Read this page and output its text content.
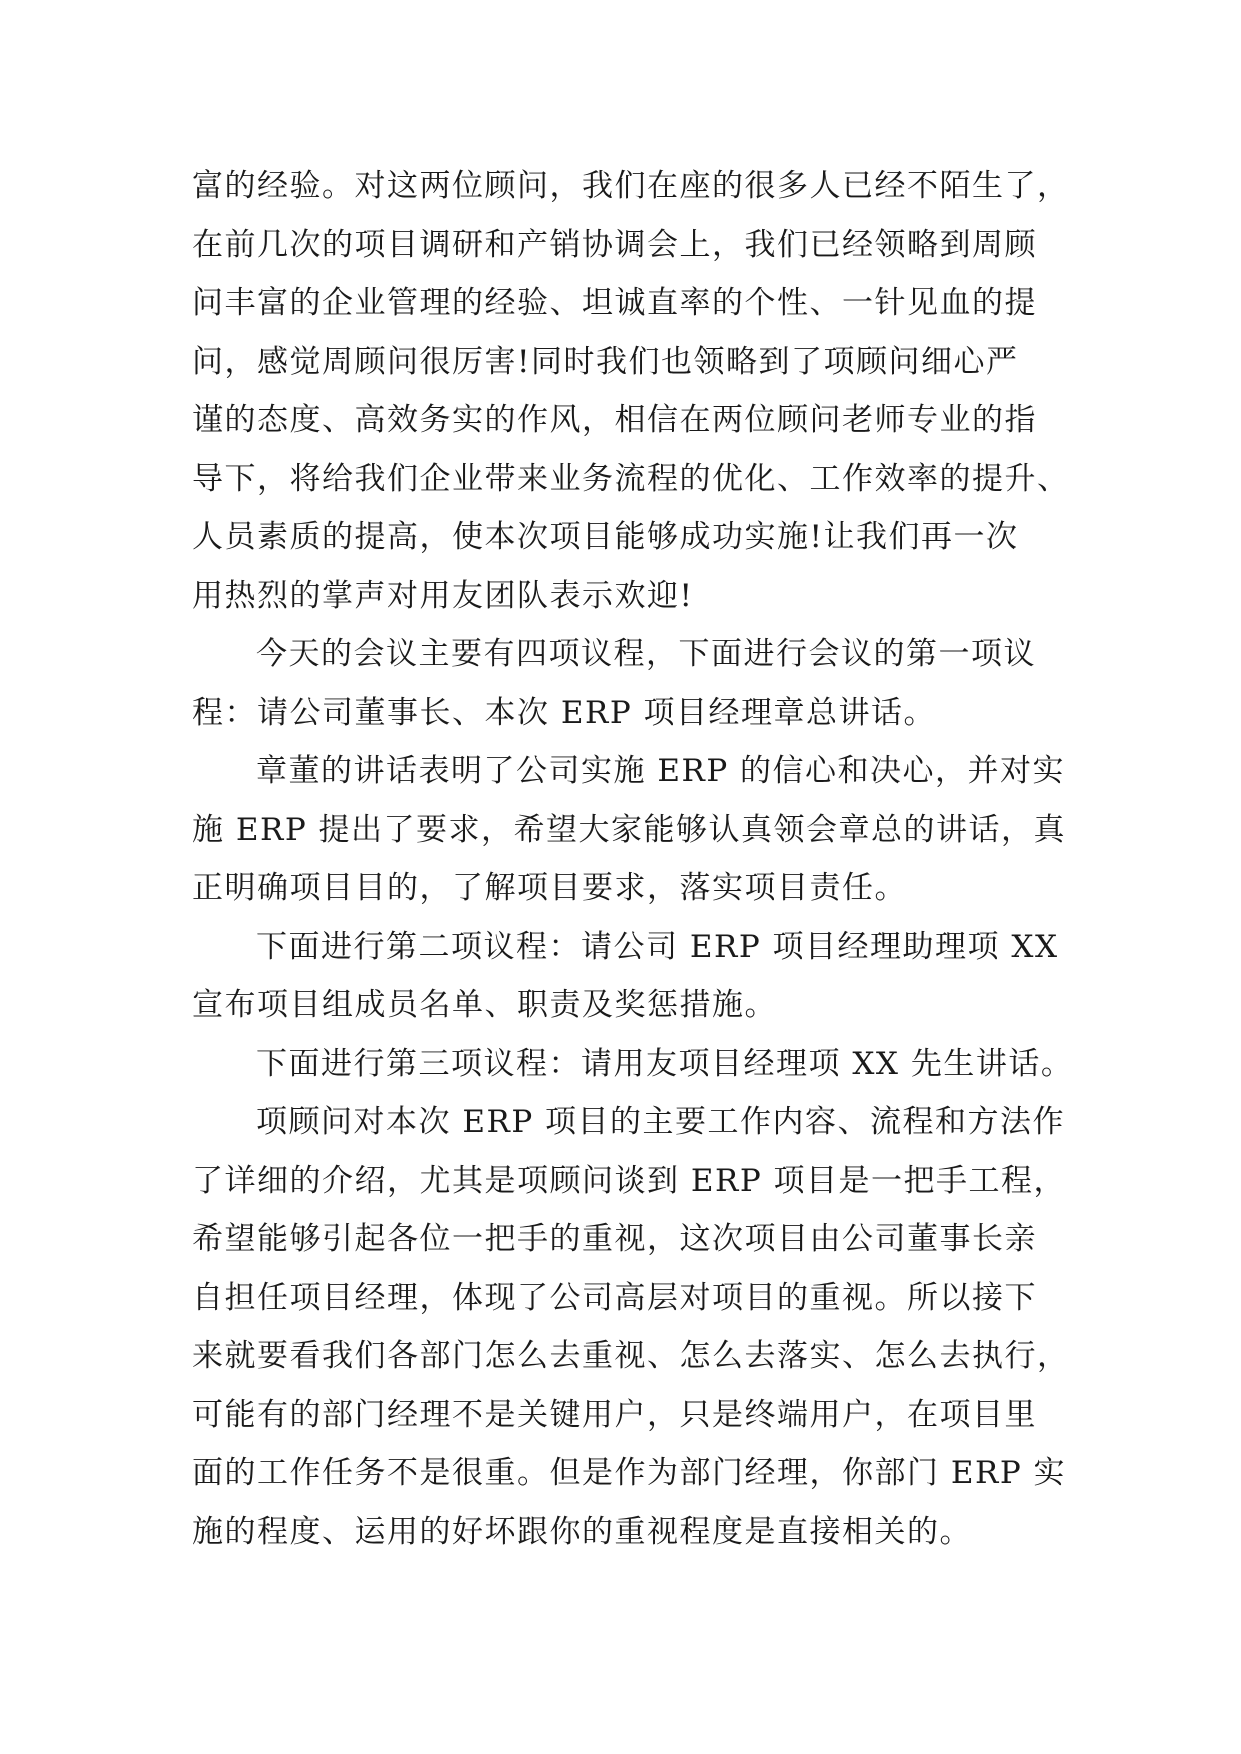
富的经验。对这两位顾问，我们在座的很多人已经不陌生了，
在前几次的项目调研和产销协调会上，我们已经领略到周顾
问丰富的企业管理的经验、坦诚直率的个性、一针见血的提
问，感觉周顾问很厉害!同时我们也领略到了项顾问细心严
谨的态度、高效务实的作风，相信在两位顾问老师专业的指
导下，将给我们企业带来业务流程的优化、工作效率的提升、
人员素质的提高，使本次项目能够成功实施!让我们再一次
用热烈的掌声对用友团队表示欢迎!
今天的会议主要有四项议程，下面进行会议的第一项议
程：请公司董事长、本次 ERP 项目经理章总讲话。
章董的讲话表明了公司实施 ERP 的信心和决心，并对实
施 ERP 提出了要求，希望大家能够认真领会章总的讲话，真
正明确项目目的，了解项目要求，落实项目责任。
下面进行第二项议程：请公司 ERP 项目经理助理项 XX
宣布项目组成员名单、职责及奖惩措施。
下面进行第三项议程：请用友项目经理项 XX 先生讲话。
项顾问对本次 ERP 项目的主要工作内容、流程和方法作
了详细的介绍，尤其是项顾问谈到 ERP 项目是一把手工程，
希望能够引起各位一把手的重视，这次项目由公司董事长亲
自担任项目经理，体现了公司高层对项目的重视。所以接下
来就要看我们各部门怎么去重视、怎么去落实、怎么去执行，
可能有的部门经理不是关键用户，只是终端用户，在项目里
面的工作任务不是很重。但是作为部门经理，你部门 ERP 实
施的程度、运用的好坏跟你的重视程度是直接相关的。
